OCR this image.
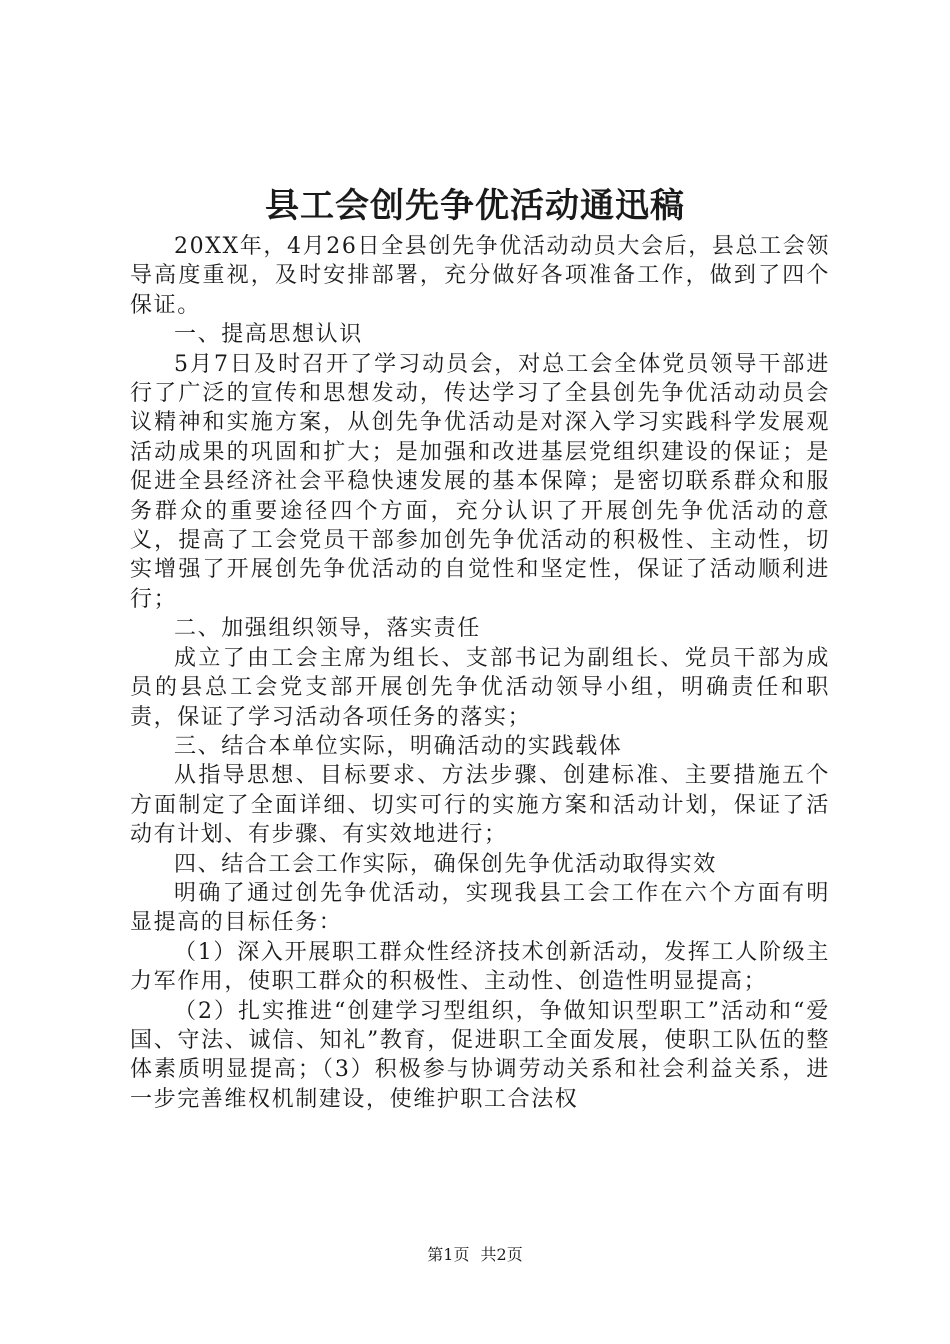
县工会创先争优活动通迅稿

20XX年，4月26日全县创先争优活动动员大会后，县总工会领导高度重视，及时安排部署，充分做好各项准备工作，做到了四个保证。

一、提高思想认识

5月7日及时召开了学习动员会，对总工会全体党员领导干部进行了广泛的宣传和思想发动，传达学习了全县创先争优活动动员会议精神和实施方案，从创先争优活动是对深入学习实践科学发展观活动成果的巩固和扩大；是加强和改进基层党组织建设的保证；是促进全县经济社会平稳快速发展的基本保障；是密切联系群众和服务群众的重要途径四个方面，充分认识了开展创先争优活动的意义，提高了工会党员干部参加创先争优活动的积极性、主动性，切实增强了开展创先争优活动的自觉性和坚定性，保证了活动顺利进行；

二、加强组织领导，落实责任

成立了由工会主席为组长、支部书记为副组长、党员干部为成员的县总工会党支部开展创先争优活动领导小组，明确责任和职责，保证了学习活动各项任务的落实；

三、结合本单位实际，明确活动的实践载体

从指导思想、目标要求、方法步骤、创建标准、主要措施五个方面制定了全面详细、切实可行的实施方案和活动计划，保证了活动有计划、有步骤、有实效地进行；

四、结合工会工作实际，确保创先争优活动取得实效

明确了通过创先争优活动，实现我县工会工作在六个方面有明显提高的目标任务：

（1）深入开展职工群众性经济技术创新活动，发挥工人阶级主力军作用，使职工群众的积极性、主动性、创造性明显提高；

（2）扎实推进“创建学习型组织，争做知识型职工”活动和“爱国、守法、诚信、知礼”教育，促进职工全面发展，使职工队伍的整体素质明显提高；（3）积极参与协调劳动关系和社会利益关系，进一步完善维权机制建设，使维护职工合法权

第1页 共2页
